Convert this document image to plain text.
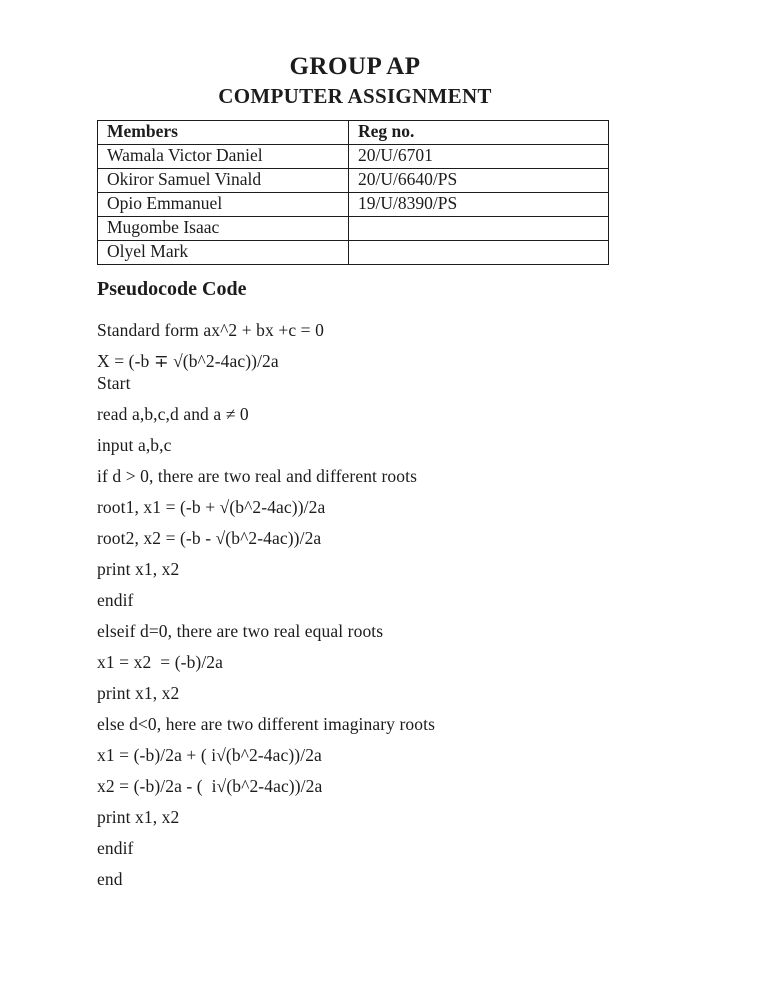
GROUP AP
COMPUTER ASSIGNMENT
Members	Reg no.
Wamala Victor Daniel	20/U/6701
Okiror Samuel Vinald	20/U/6640/PS
Opio Emmanuel	19/U/8390/PS
Mugombe Isaac	
Olyel Mark	
Pseudocode Code
Standard form ax^2 + bx +c = 0
X = (-b ∓ √(b^2-4ac))/2a
Start
read a,b,c,d and a ≠ 0
input a,b,c
if d > 0, there are two real and different roots
root1, x1 = (-b + √(b^2-4ac))/2a
root2, x2 = (-b - √(b^2-4ac))/2a
print x1, x2
endif
elseif d=0, there are two real equal roots
x1 = x2  = (-b)/2a
print x1, x2
else d<0, here are two different imaginary roots
x1 = (-b)/2a + ( i√(b^2-4ac))/2a
x2 = (-b)/2a - (  i√(b^2-4ac))/2a
print x1, x2
endif
end
